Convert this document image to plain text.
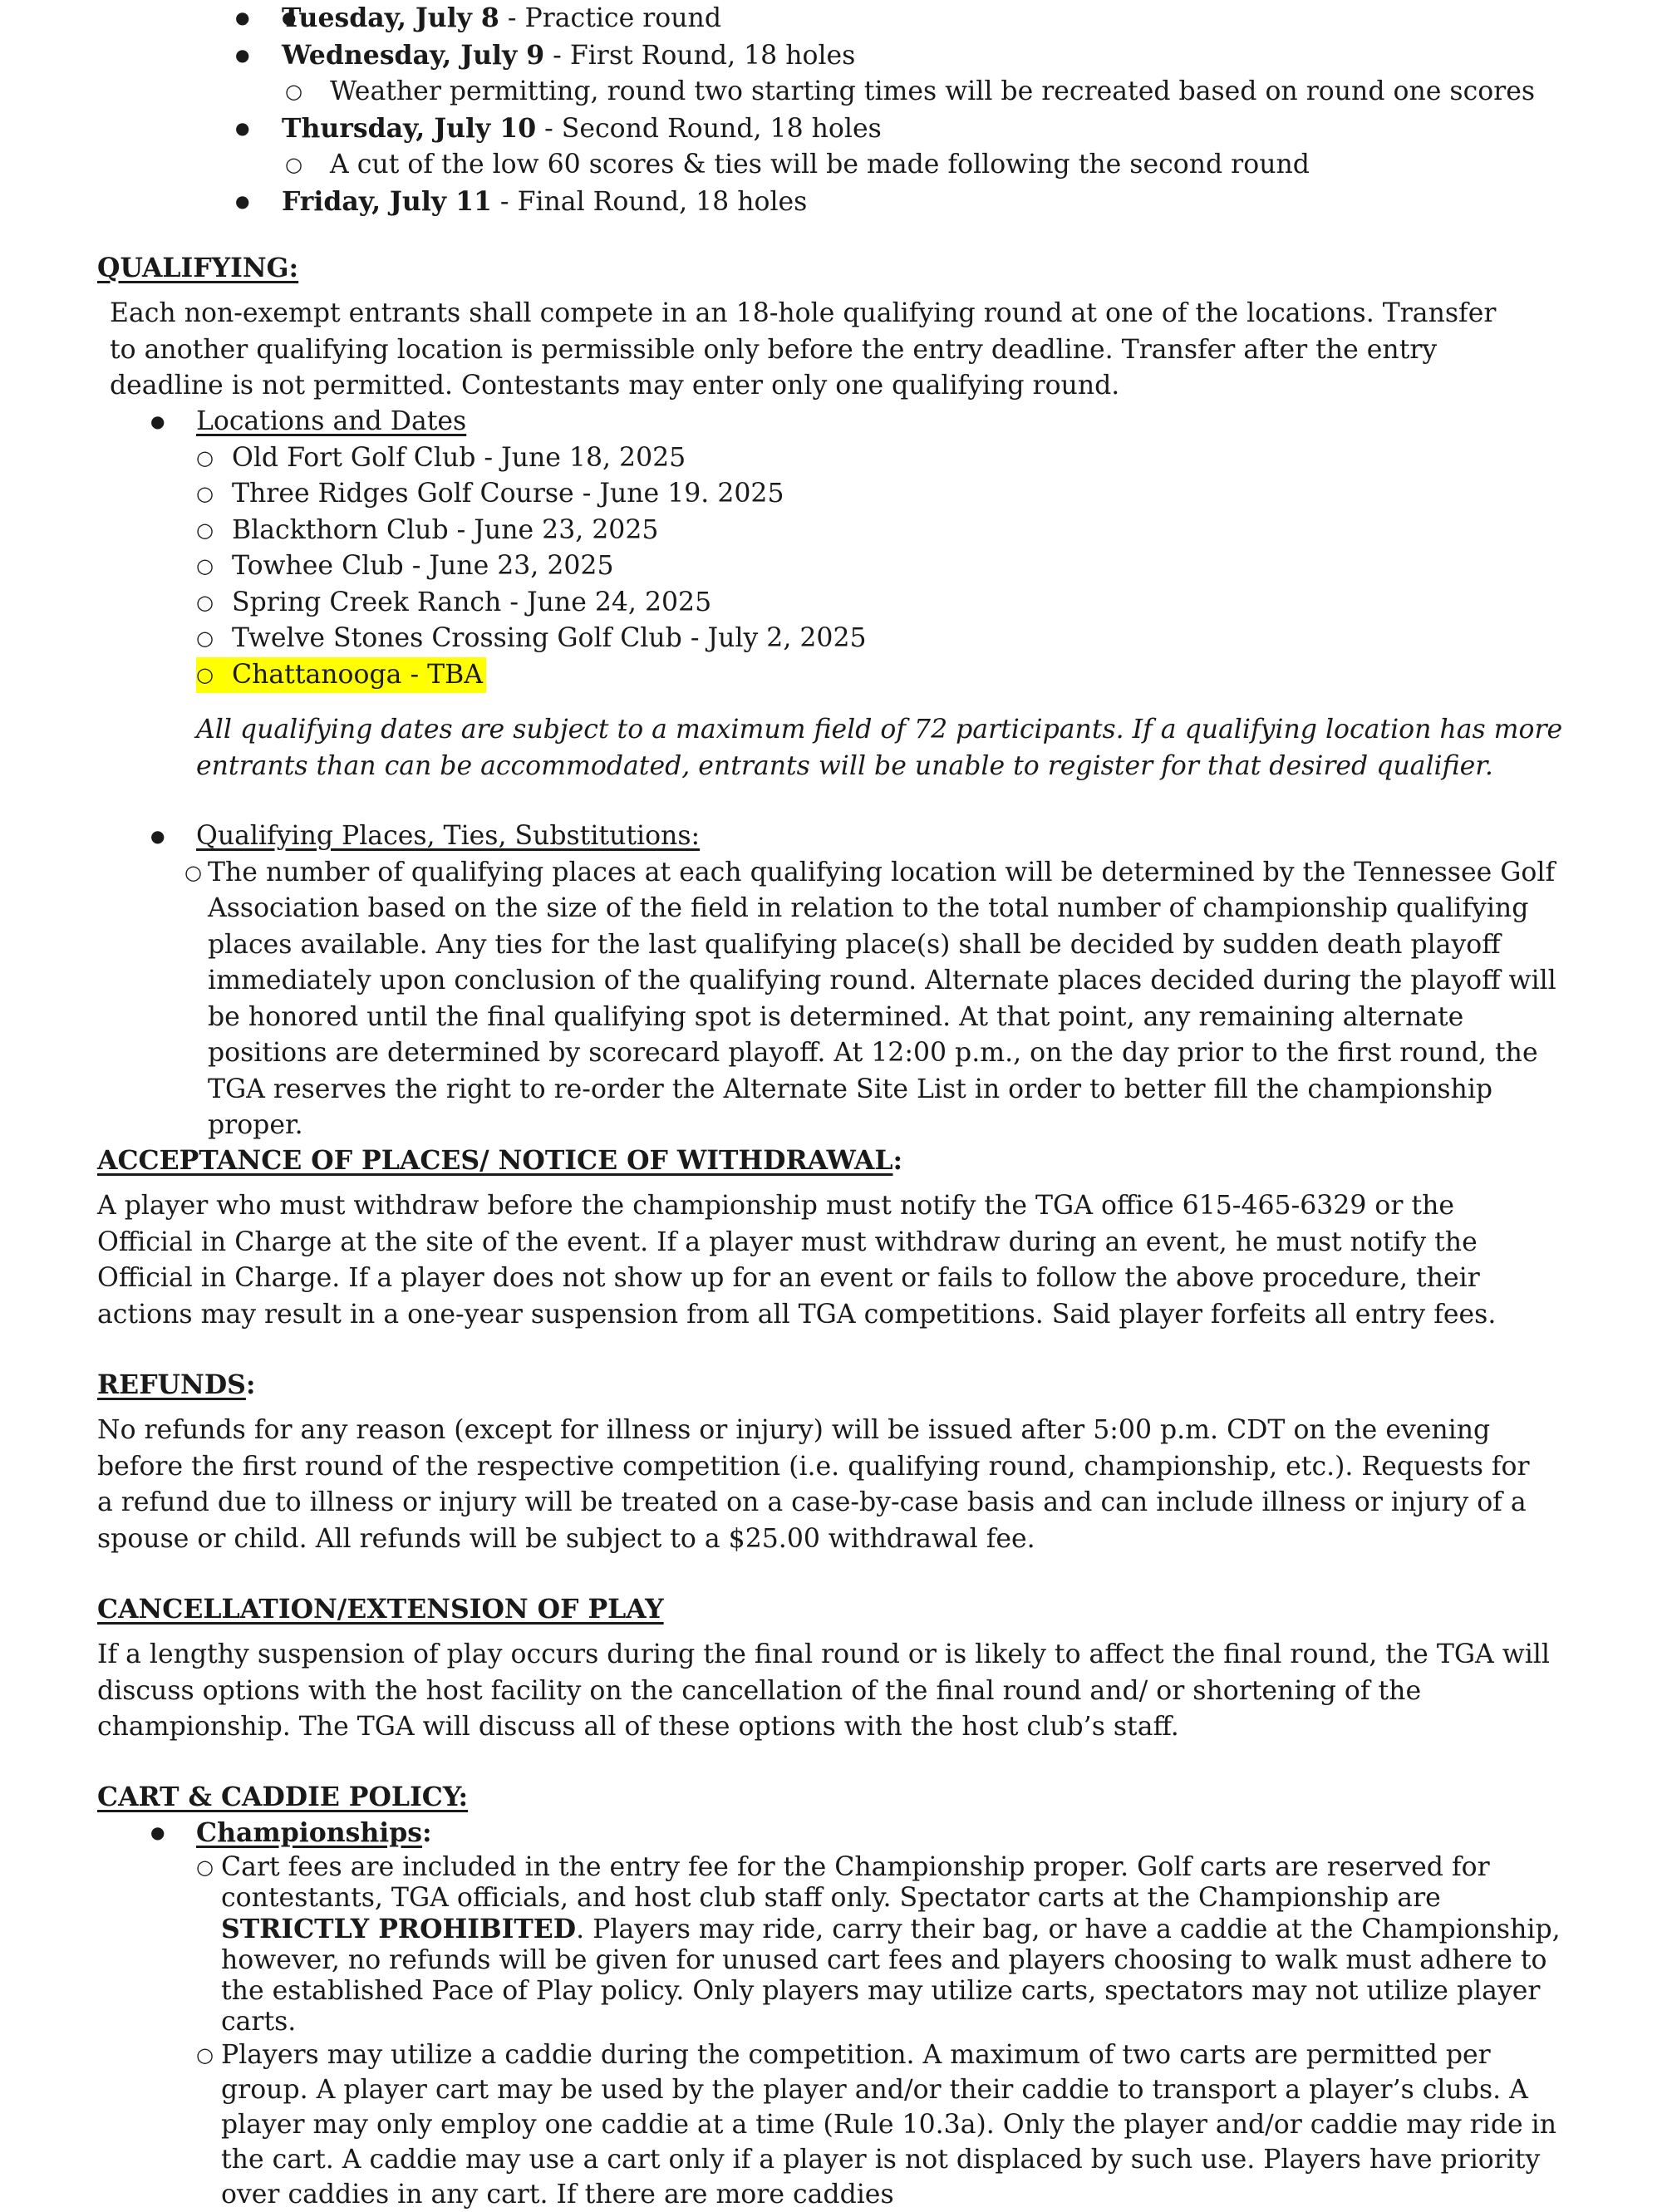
● ● Tuesday, July 8 - Practice round
● Wednesday, July 9 - First Round, 18 holes
○ Weather permitting, round two starting times will be recreated based on round one scores
● Thursday, July 10 - Second Round, 18 holes
○ A cut of the low 60 scores & ties will be made following the second round
● Friday, July 11 - Final Round, 18 holes

QUALIFYING:

Each non-exempt entrants shall compete in an 18-hole qualifying round at one of the locations. Transfer to another qualifying location is permissible only before the entry deadline. Transfer after the entry deadline is not permitted. Contestants may enter only one qualifying round.

● Locations and Dates
○ Old Fort Golf Club - June 18, 2025
○ Three Ridges Golf Course - June 19. 2025
○ Blackthorn Club - June 23, 2025
○ Towhee Club - June 23, 2025
○ Spring Creek Ranch - June 24, 2025
○ Twelve Stones Crossing Golf Club - July 2, 2025
○ Chattanooga - TBA

All qualifying dates are subject to a maximum field of 72 participants. If a qualifying location has more entrants than can be accommodated, entrants will be unable to register for that desired qualifier.

● Qualifying Places, Ties, Substitutions:
○ The number of qualifying places at each qualifying location will be determined by the Tennessee Golf Association based on the size of the field in relation to the total number of championship qualifying places available. Any ties for the last qualifying place(s) shall be decided by sudden death playoff immediately upon conclusion of the qualifying round. Alternate places decided during the playoff will be honored until the final qualifying spot is determined. At that point, any remaining alternate positions are determined by scorecard playoff. At 12:00 p.m., on the day prior to the first round, the TGA reserves the right to re-order the Alternate Site List in order to better fill the championship proper.

ACCEPTANCE OF PLACES/ NOTICE OF WITHDRAWAL:

A player who must withdraw before the championship must notify the TGA office 615-465-6329 or the Official in Charge at the site of the event. If a player must withdraw during an event, he must notify the Official in Charge. If a player does not show up for an event or fails to follow the above procedure, their actions may result in a one-year suspension from all TGA competitions. Said player forfeits all entry fees.

REFUNDS:

No refunds for any reason (except for illness or injury) will be issued after 5:00 p.m. CDT on the evening before the first round of the respective competition (i.e. qualifying round, championship, etc.). Requests for a refund due to illness or injury will be treated on a case-by-case basis and can include illness or injury of a spouse or child. All refunds will be subject to a $25.00 withdrawal fee.

CANCELLATION/EXTENSION OF PLAY

If a lengthy suspension of play occurs during the final round or is likely to affect the final round, the TGA will discuss options with the host facility on the cancellation of the final round and/ or shortening of the championship. The TGA will discuss all of these options with the host club’s staff.

CART & CADDIE POLICY:

● Championships:
○ Cart fees are included in the entry fee for the Championship proper. Golf carts are reserved for contestants, TGA officials, and host club staff only. Spectator carts at the Championship are STRICTLY PROHIBITED. Players may ride, carry their bag, or have a caddie at the Championship, however, no refunds will be given for unused cart fees and players choosing to walk must adhere to the established Pace of Play policy. Only players may utilize carts, spectators may not utilize player carts.

○ Players may utilize a caddie during the competition. A maximum of two carts are permitted per group. A player cart may be used by the player and/or their caddie to transport a player’s clubs. A player may only employ one caddie at a time (Rule 10.3a). Only the player and/or caddie may ride in the cart. A caddie may use a cart only if a player is not displaced by such use. Players have priority over caddies in any cart. If there are more caddies
